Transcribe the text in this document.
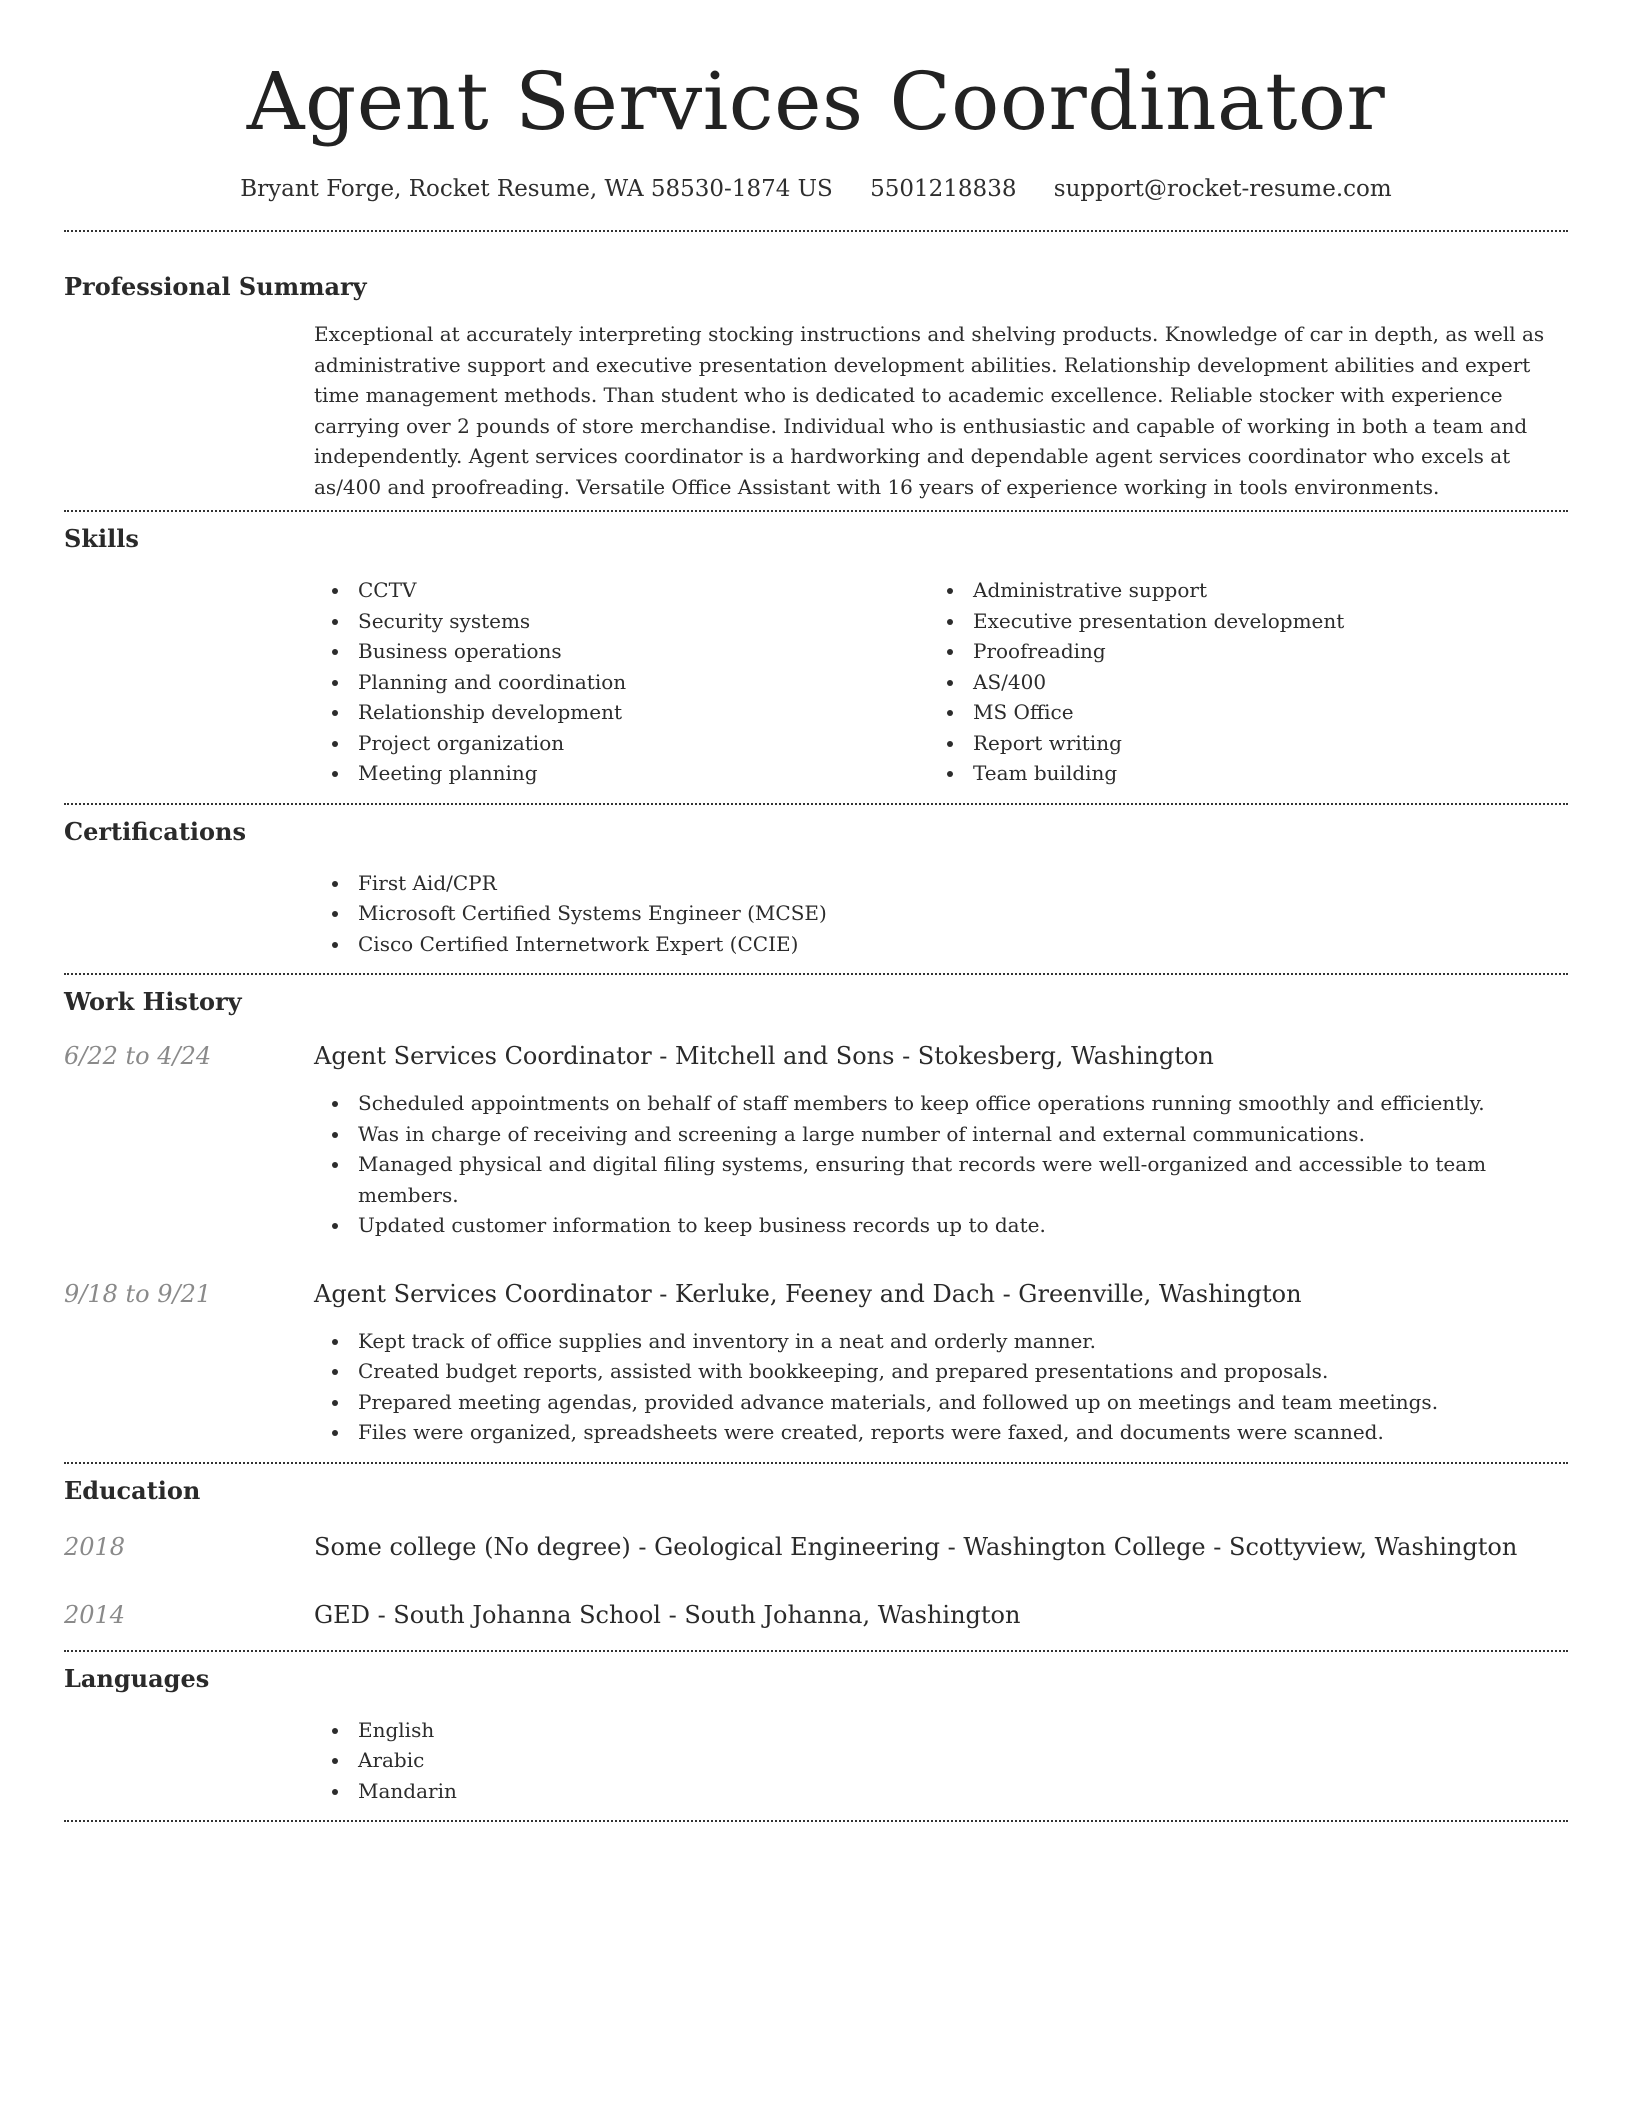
Agent Services Coordinator
Bryant Forge, Rocket Resume, WA 58530-1874 US 5501218838 support@rocket-resume.com
Professional Summary

Exceptional at accurately interpreting stocking instructions and shelving products. Knowledge of car in depth, as well as administrative support and executive presentation development abilities. Relationship development abilities and expert time management methods. Than student who is dedicated to academic excellence. Reliable stocker with experience carrying over 2 pounds of store merchandise. Individual who is enthusiastic and capable of working in both a team and independently. Agent services coordinator is a hardworking and dependable agent services coordinator who excels at as/400 and proofreading. Versatile Office Assistant with 16 years of experience working in tools environments.

Skills
CCTV
Security systems
Business operations
Planning and coordination
Relationship development
Project organization
Meeting planning
Administrative support
Executive presentation development
Proofreading
AS/400
MS Office
Report writing
Team building
Certifications
First Aid/CPR
Microsoft Certified Systems Engineer (MCSE)
Cisco Certified Internetwork Expert (CCIE)
Work History
6/22 to 4/24	Agent Services Coordinator - Mitchell and Sons - Stokesberg, Washington
Scheduled appointments on behalf of staff members to keep office operations running smoothly and efficiently.
Was in charge of receiving and screening a large number of internal and external communications.
Managed physical and digital filing systems, ensuring that records were well-organized and accessible to team members.
Updated customer information to keep business records up to date.
9/18 to 9/21	Agent Services Coordinator - Kerluke, Feeney and Dach - Greenville, Washington
Kept track of office supplies and inventory in a neat and orderly manner.
Created budget reports, assisted with bookkeeping, and prepared presentations and proposals.
Prepared meeting agendas, provided advance materials, and followed up on meetings and team meetings.
Files were organized, spreadsheets were created, reports were faxed, and documents were scanned.
Education
2018	Some college (No degree) - Geological Engineering - Washington College - Scottyview, Washington
2014	GED - South Johanna School - South Johanna, Washington
Languages
English
Arabic
Mandarin
